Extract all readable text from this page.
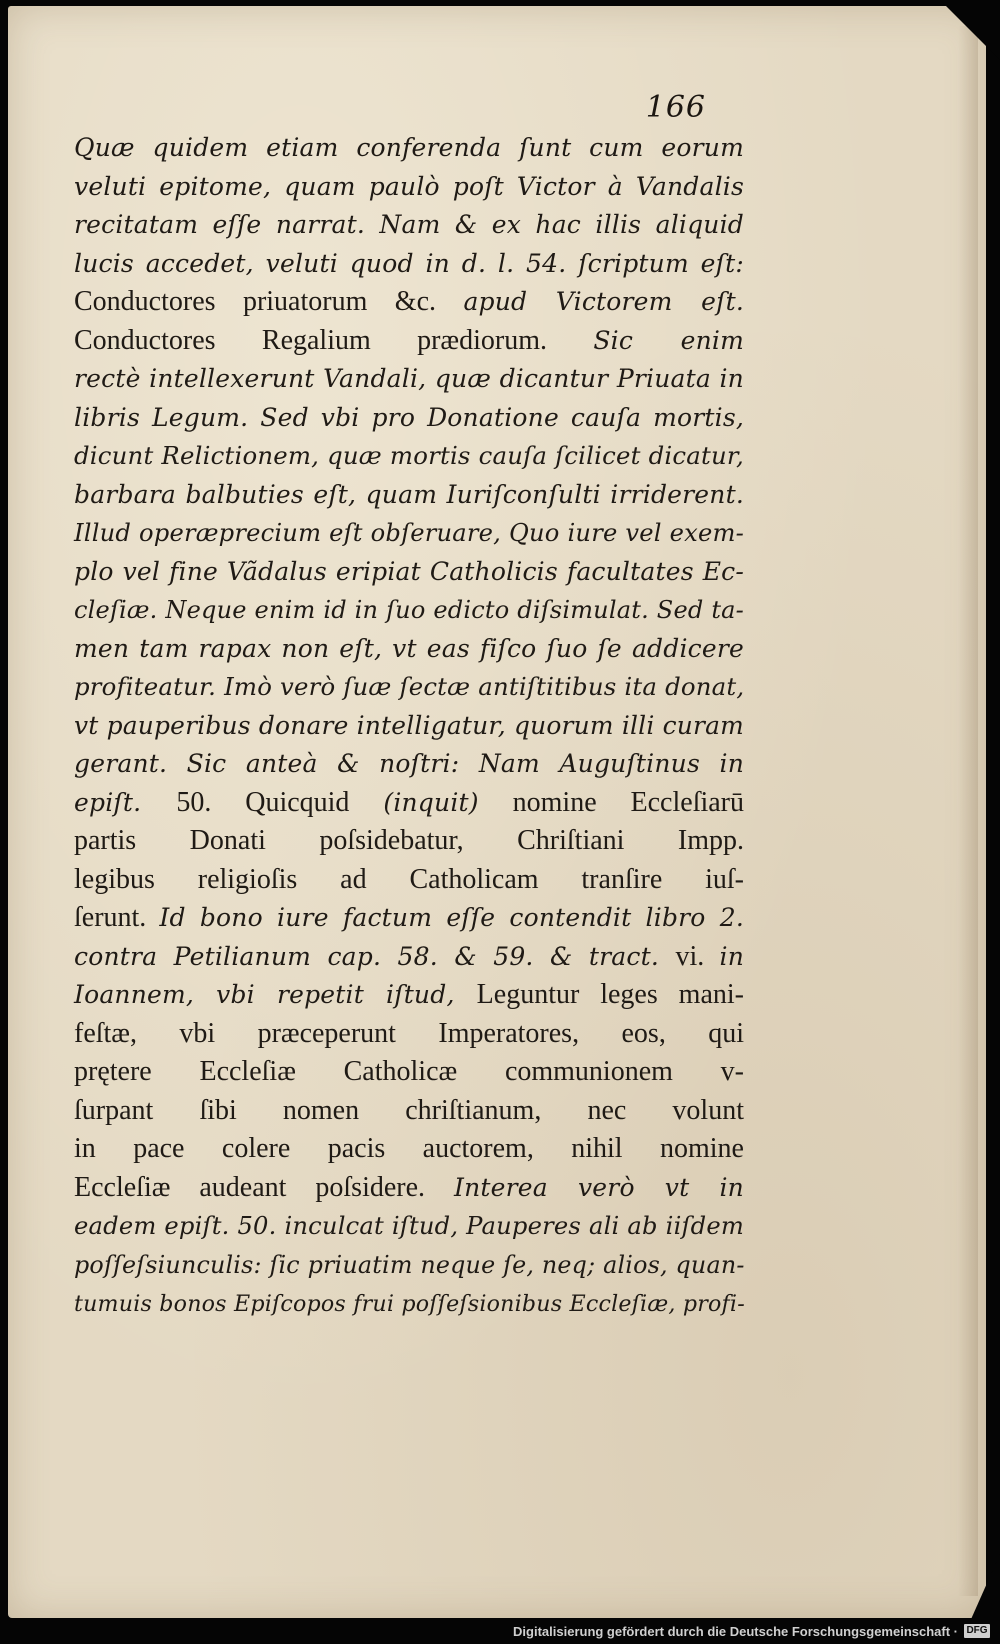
166
Quæ quidem etiam conferenda ſunt cum eorum
veluti epitome, quam paulò poſt Victor à Vandalis
recitatam eſſe narrat. Nam & ex hac illis aliquid
lucis accedet, veluti quod in d. l. 54. ſcriptum eſt:
Conductores priuatorum &c. apud Victorem eſt.
Conductores Regalium prædiorum. Sic enim
rectè intellexerunt Vandali, quæ dicantur Priuata in
libris Legum. Sed vbi pro Donatione cauſa mortis,
dicunt Relictionem, quæ mortis cauſa ſcilicet dicatur,
barbara balbuties eſt, quam Iuriſconſulti irriderent.
Illud operæprecium eſt obſeruare, Quo iure vel exem-
plo vel fine Vãdalus eripiat Catholicis facultates Ec-
cleſiæ. Neque enim id in ſuo edicto diſsimulat. Sed ta-
men tam rapax non eſt, vt eas fiſco ſuo ſe addicere
profiteatur. Imò verò ſuæ ſectæ antiſtitibus ita donat,
vt pauperibus donare intelligatur, quorum illi curam
gerant. Sic anteà & noſtri: Nam Auguſtinus in
epiſt. 50. Quicquid (inquit) nomine Eccleſiarū
partis Donati poſsidebatur, Chriſtiani Impp.
legibus religioſis ad Catholicam tranſire iuſ-
ſerunt. Id bono iure factum eſſe contendit libro 2.
contra Petilianum cap. 58. & 59. & tract. vi. in
Ioannem, vbi repetit iſtud, Leguntur leges mani-
feſtæ, vbi præceperunt Imperatores, eos, qui
prętere Eccleſiæ Catholicæ communionem v-
ſurpant ſibi nomen chriſtianum, nec volunt
in pace colere pacis auctorem, nihil nomine
Eccleſiæ audeant poſsidere. Interea verò vt in
eadem epiſt. 50. inculcat iſtud, Pauperes ali ab iiſdem
poſſeſsiunculis: ſic priuatim neque ſe, neq; alios, quan-
tumuis bonos Epiſcopos frui poſſeſsionibus Eccleſiæ, profi-
Digitalisierung gefördert durch die Deutsche Forschungsgemeinschaft · DFG
